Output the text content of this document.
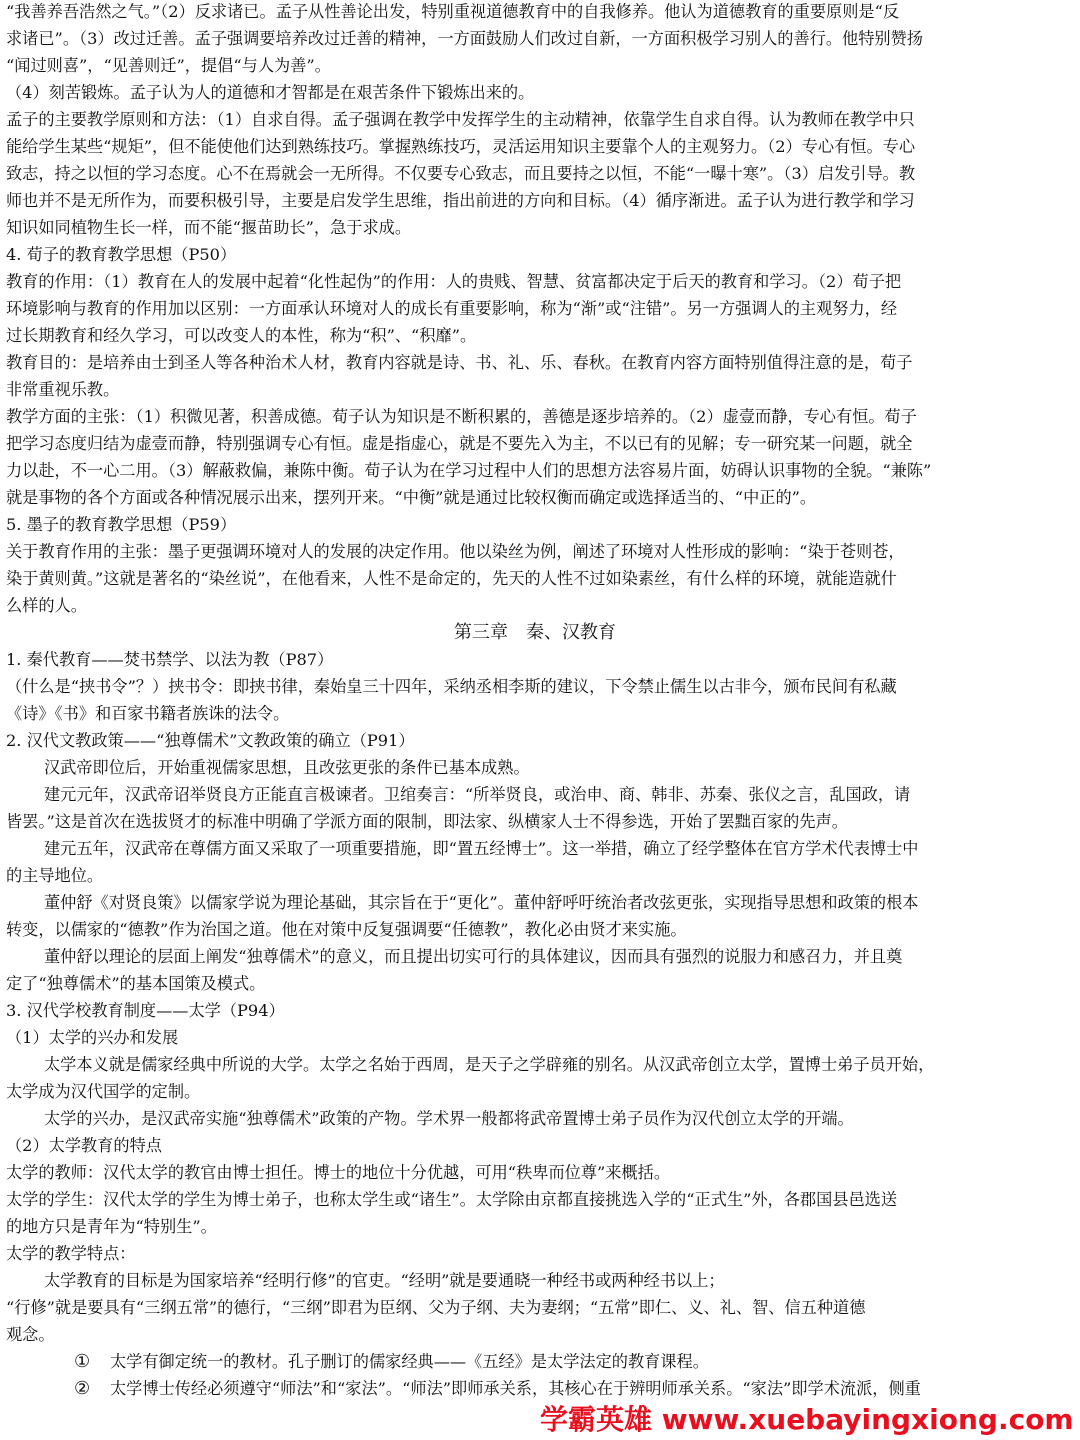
“我善养吾浩然之气。”（2）反求诸已。孟子从性善论出发，特别重视道德教育中的自我修养。他认为道德教育的重要原则是“反
求诸已”。（3）改过迁善。孟子强调要培养改过迁善的精神，一方面鼓励人们改过自新，一方面积极学习别人的善行。他特别赞扬
“闻过则喜”，“见善则迁”，提倡“与人为善”。
（4）刻苦锻炼。孟子认为人的道德和才智都是在艰苦条件下锻炼出来的。
孟子的主要教学原则和方法：（1）自求自得。孟子强调在教学中发挥学生的主动精神，依靠学生自求自得。认为教师在教学中只
能给学生某些“规矩”，但不能使他们达到熟练技巧。掌握熟练技巧，灵活运用知识主要靠个人的主观努力。（2）专心有恒。专心
致志，持之以恒的学习态度。心不在焉就会一无所得。不仅要专心致志，而且要持之以恒，不能“一曝十寒”。（3）启发引导。教
师也并不是无所作为，而要积极引导，主要是启发学生思维，指出前进的方向和目标。（4）循序渐进。孟子认为进行教学和学习
知识如同植物生长一样，而不能“揠苗助长”，急于求成。
4. 荀子的教育教学思想（P50）
教育的作用：（1）教育在人的发展中起着“化性起伪”的作用：人的贵贱、智慧、贫富都决定于后天的教育和学习。（2）荀子把
环境影响与教育的作用加以区别：一方面承认环境对人的成长有重要影响，称为“渐”或“注错”。另一方强调人的主观努力，经
过长期教育和经久学习，可以改变人的本性，称为“积”、“积靡”。
教育目的：是培养由士到圣人等各种治术人材，教育内容就是诗、书、礼、乐、春秋。在教育内容方面特别值得注意的是，荀子
非常重视乐教。
教学方面的主张：（1）积微见著，积善成德。荀子认为知识是不断积累的，善德是逐步培养的。（2）虚壹而静，专心有恒。荀子
把学习态度归结为虚壹而静，特别强调专心有恒。虚是指虚心，就是不要先入为主，不以已有的见解；专一研究某一问题，就全
力以赴，不一心二用。（3）解蔽救偏，兼陈中衡。荀子认为在学习过程中人们的思想方法容易片面，妨碍认识事物的全貌。“兼陈”
就是事物的各个方面或各种情况展示出来，摆列开来。“中衡”就是通过比较权衡而确定或选择适当的、“中正的”。
5. 墨子的教育教学思想（P59）
关于教育作用的主张：墨子更强调环境对人的发展的决定作用。他以染丝为例，阐述了环境对人性形成的影响：“染于苍则苍，
染于黄则黄。”这就是著名的“染丝说”，在他看来，人性不是命定的，先天的人性不过如染素丝，有什么样的环境，就能造就什
么样的人。
第三章　秦、汉教育
1. 秦代教育——焚书禁学、以法为教（P87）
（什么是“挟书令”？）挟书令：即挟书律，秦始皇三十四年，采纳丞相李斯的建议，下令禁止儒生以古非今，颁布民间有私藏
《诗》《书》和百家书籍者族诛的法令。
2. 汉代文教政策——“独尊儒术”文教政策的确立（P91）
汉武帝即位后，开始重视儒家思想，且改弦更张的条件已基本成熟。
建元元年，汉武帝诏举贤良方正能直言极谏者。卫绾奏言：“所举贤良，或治申、商、韩非、苏秦、张仪之言，乱国政，请
皆罢。”这是首次在选拔贤才的标准中明确了学派方面的限制，即法家、纵横家人士不得参选，开始了罢黜百家的先声。
建元五年，汉武帝在尊儒方面又采取了一项重要措施，即“置五经博士”。这一举措，确立了经学整体在官方学术代表博士中
的主导地位。
董仲舒《对贤良策》以儒家学说为理论基础，其宗旨在于“更化”。董仲舒呼吁统治者改弦更张，实现指导思想和政策的根本
转变，以儒家的“德教”作为治国之道。他在对策中反复强调要“任德教”，教化必由贤才来实施。
董仲舒以理论的层面上阐发“独尊儒术”的意义，而且提出切实可行的具体建议，因而具有强烈的说服力和感召力，并且奠
定了“独尊儒术”的基本国策及模式。
3. 汉代学校教育制度——太学（P94）
（1）太学的兴办和发展
太学本义就是儒家经典中所说的大学。太学之名始于西周，是天子之学辟雍的别名。从汉武帝创立太学，置博士弟子员开始，
太学成为汉代国学的定制。
太学的兴办，是汉武帝实施“独尊儒术”政策的产物。学术界一般都将武帝置博士弟子员作为汉代创立太学的开端。
（2）太学教育的特点
太学的教师：汉代太学的教官由博士担任。博士的地位十分优越，可用“秩卑而位尊”来概括。
太学的学生：汉代太学的学生为博士弟子，也称太学生或“诸生”。太学除由京都直接挑选入学的“正式生”外，各郡国县邑选送
的地方只是青年为“特别生”。
太学的教学特点：
太学教育的目标是为国家培养“经明行修”的官吏。“经明”就是要通晓一种经书或两种经书以上；
“行修”就是要具有“三纲五常”的德行，“三纲”即君为臣纲、父为子纲、夫为妻纲；“五常”即仁、义、礼、智、信五种道德
观念。
① 太学有御定统一的教材。孔子删订的儒家经典——《五经》是太学法定的教育课程。
② 太学博士传经必须遵守“师法”和“家法”。“师法”即师承关系，其核心在于辨明师承关系。“家法”即学术流派，侧重
学霸英雄 www.xuebayingxiong.com
